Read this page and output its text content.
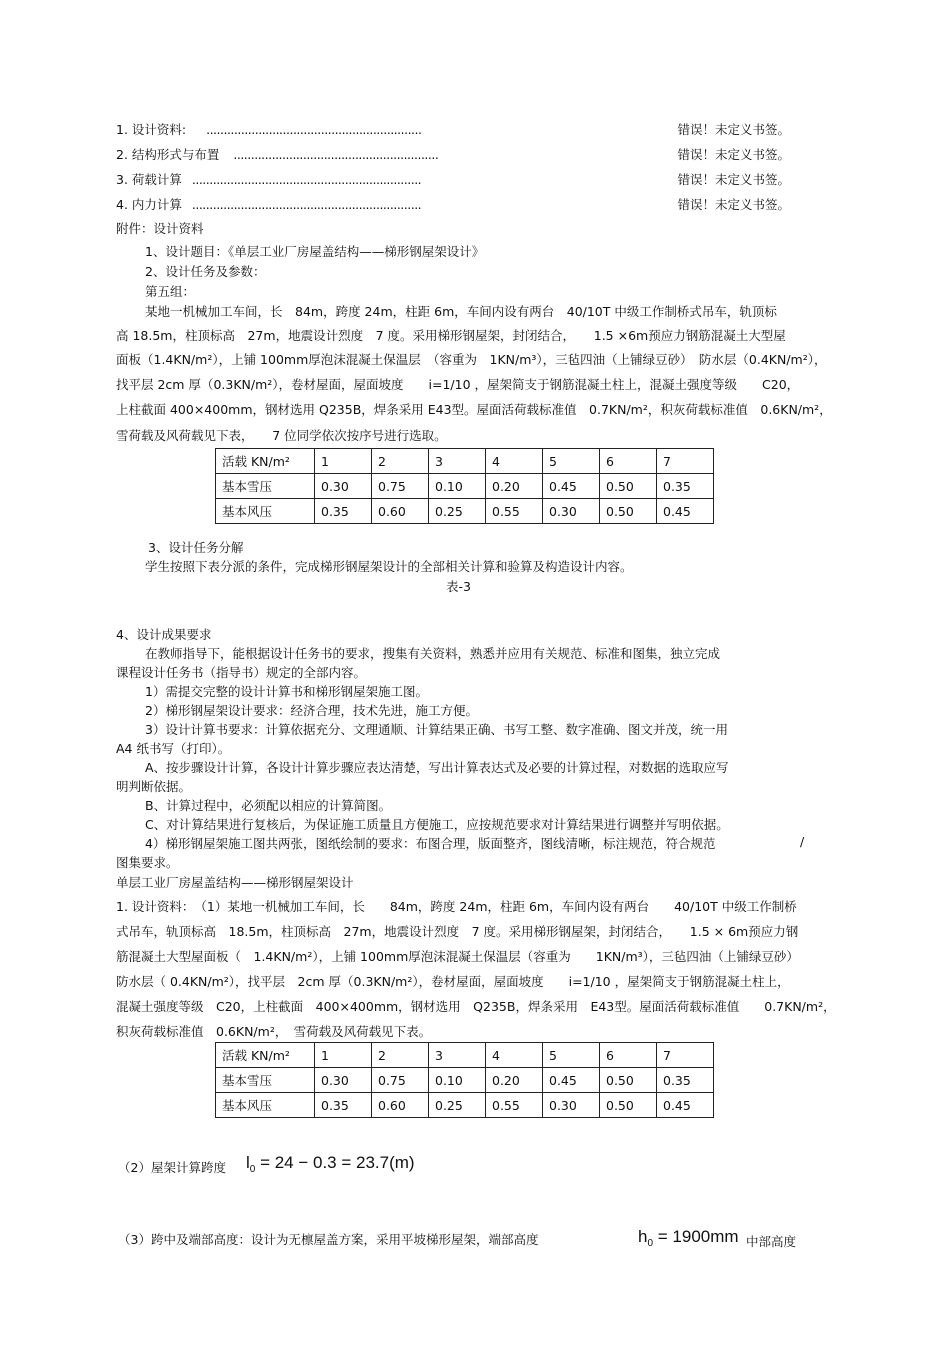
1. 设计资料: ..............................................................	错误！未定义书签。
2. 结构形式与布置 ...........................................................	错误！未定义书签。
3. 荷载计算 ..................................................................	错误！未定义书签。
4. 内力计算 ..................................................................	错误！未定义书签。
附件：设计资料
1、设计题目：《单层工业厂房屋盖结构——梯形钢屋架设计》
2、设计任务及参数：
第五组：
某地一机械加工车间，长　84m，跨度 24m，柱距 6m，车间内设有两台　40/10T 中级工作制桥式吊车，轨顶标
高 18.5m，柱顶标高　27m，地震设计烈度　7 度。采用梯形钢屋架，封闭结合，　　1.5 ×6m预应力钢筋混凝土大型屋
面板（1.4KN/m²），上铺 100mm厚泡沫混凝土保温层　（容重为　1KN/m³），三毡四油（上铺绿豆砂）　防水层（0.4KN/m²），
找平层 2cm 厚（0.3KN/m²），卷材屋面，屋面坡度　　i=1/10 ，屋架简支于钢筋混凝土柱上，混凝土强度等级　　C20，
上柱截面 400×400mm，钢材选用 Q235B，焊条采用 E43型。屋面活荷载标准值　0.7KN/m²，积灰荷载标准值　0.6KN/m²，
雪荷载及风荷载见下表，　　7 位同学依次按序号进行选取。
活载 KN/m²	1	2	3	4	5	6	7
基本雪压	0.30	0.75	0.10	0.20	0.45	0.50	0.35
基本风压	0.35	0.60	0.25	0.55	0.30	0.50	0.45
3、设计任务分解
学生按照下表分派的条件，完成梯形钢屋架设计的全部相关计算和验算及构造设计内容。
表-3
4、设计成果要求
在教师指导下，能根据设计任务书的要求，搜集有关资料，熟悉并应用有关规范、标准和图集，独立完成
课程设计任务书（指导书）规定的全部内容。
1）需提交完整的设计计算书和梯形钢屋架施工图。
2）梯形钢屋架设计要求：经济合理，技术先进，施工方便。
3）设计计算书要求：计算依据充分、文理通顺、计算结果正确、书写工整、数字准确、图文并茂，统一用
A4 纸书写（打印）。
A、按步骤设计计算，各设计计算步骤应表达清楚，写出计算表达式及必要的计算过程，对数据的选取应写
明判断依据。
B、计算过程中，必须配以相应的计算简图。
C、对计算结果进行复核后，为保证施工质量且方便施工，应按规范要求对计算结果进行调整并写明依据。
4）梯形钢屋架施工图共两张，图纸绘制的要求：布图合理，版面整齐，图线清晰，标注规范，符合规范	/
图集要求。
单层工业厂房屋盖结构——梯形钢屋架设计
1. 设计资料：　（1）某地一机械加工车间，长　　84m，跨度 24m，柱距 6m，车间内设有两台　　40/10T 中级工作制桥
式吊车，轨顶标高　18.5m，柱顶标高　27m，地震设计烈度　7 度。采用梯形钢屋架，封闭结合，　　1.5 × 6m预应力钢
筋混凝土大型屋面板（　1.4KN/m²），上铺 100mm厚泡沫混凝土保温层（容重为　　1KN/m³），三毡四油（上铺绿豆砂）
防水层（ 0.4KN/m²），找平层　2cm 厚（0.3KN/m²），卷材屋面，屋面坡度　　i=1/10 ，屋架简支于钢筋混凝土柱上，
混凝土强度等级　C20，上柱截面　400×400mm，钢材选用　Q235B，焊条采用　E43型。屋面活荷载标准值　　0.7KN/m²，
积灰荷载标准值　0.6KN/m²，　雪荷载及风荷载见下表。
活载 KN/m²	1	2	3	4	5	6	7
基本雪压	0.30	0.75	0.10	0.20	0.45	0.50	0.35
基本风压	0.35	0.60	0.25	0.55	0.30	0.50	0.45
（2）屋架计算跨度 $l_0 = 24 - 0.3 = 23.7(m)$
（3）跨中及端部高度：设计为无檩屋盖方案，采用平坡梯形屋架，端部高度	$h_0 = 1900mm$ 中部高度
